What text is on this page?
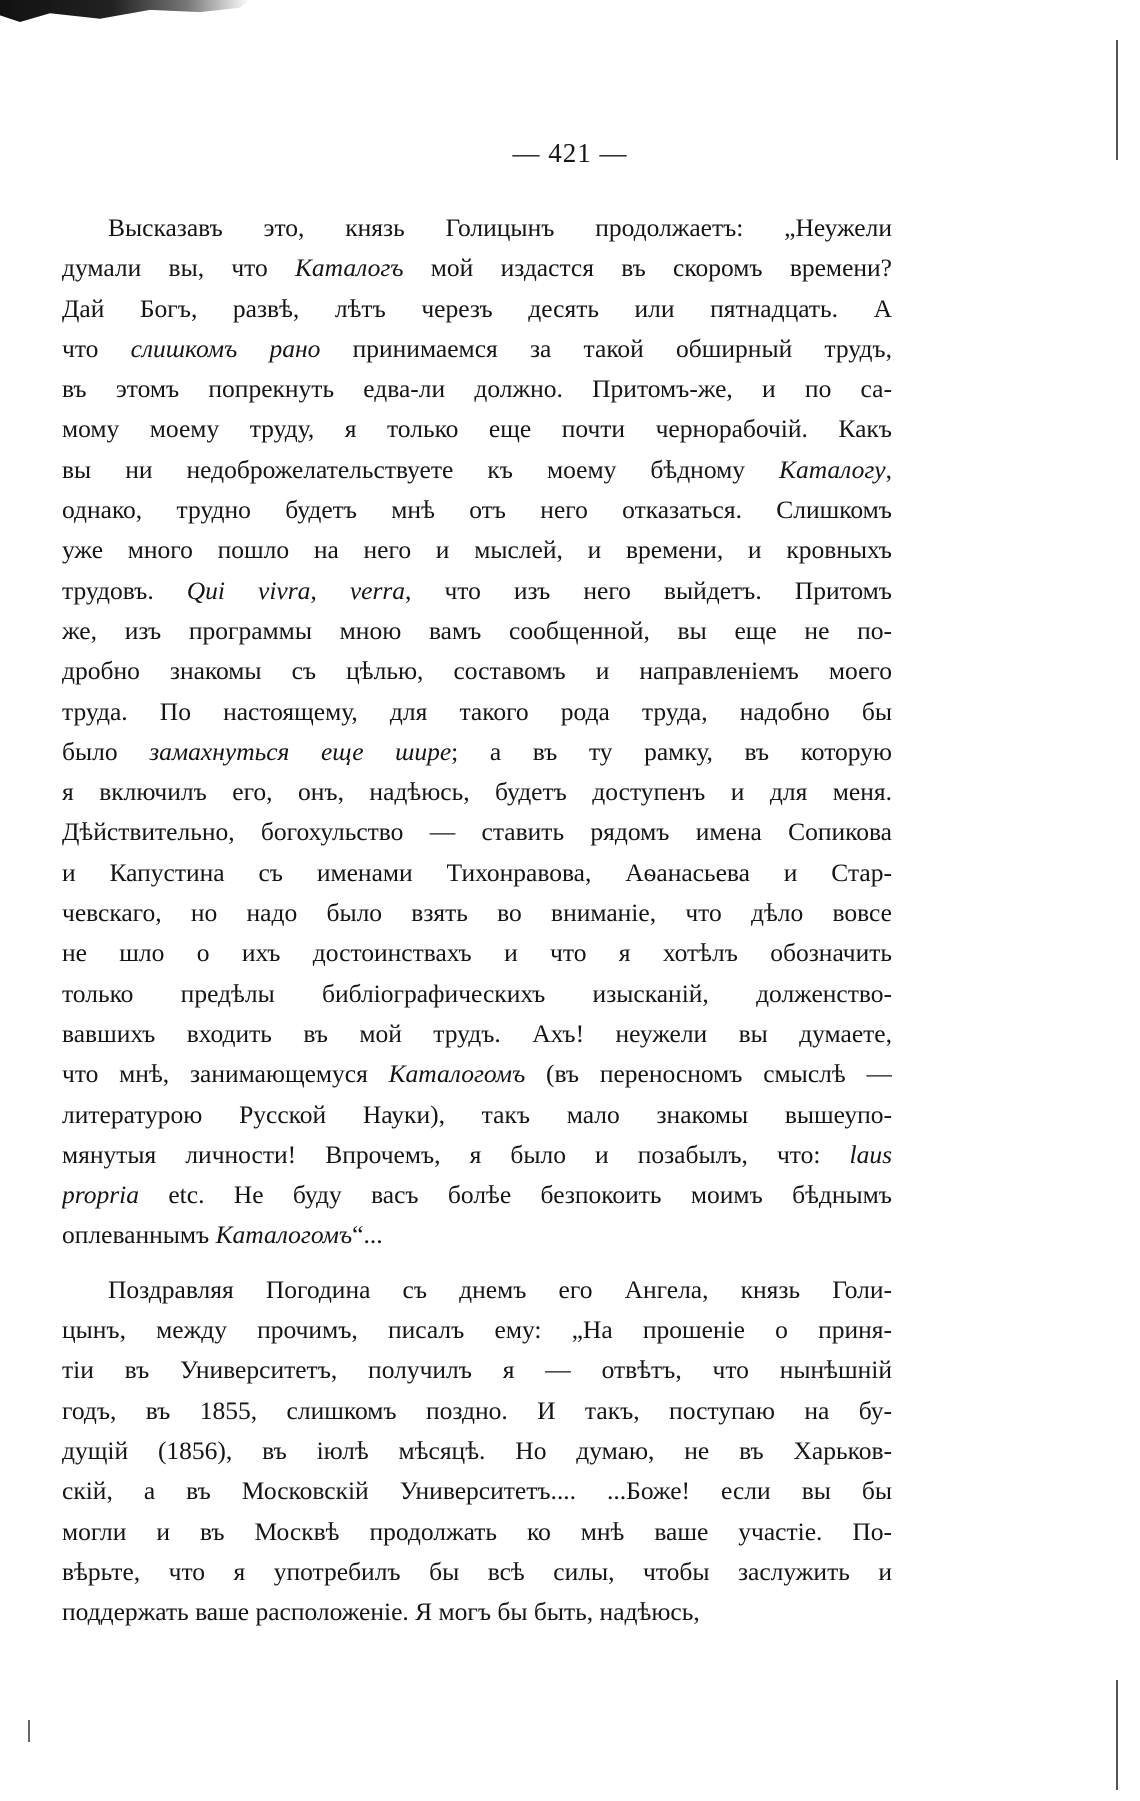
— 421 —
Высказавъ это, князь Голицынъ продолжаетъ: „Неужели
думали вы, что Каталогъ мой издастся въ скоромъ времени?
Дай Богъ, развѣ, лѣтъ черезъ десять или пятнадцать. А
что слишкомъ рано принимаемся за такой обширный трудъ,
въ этомъ попрекнуть едва-ли должно. Притомъ-же, и по са-
мому моему труду, я только еще почти чернорабочій. Какъ
вы ни недоброжелательствуете къ моему бѣдному Каталогу,
однако, трудно будетъ мнѣ отъ него отказаться. Слишкомъ
уже много пошло на него и мыслей, и времени, и кровныхъ
трудовъ. Qui vivra, verra, что изъ него выйдетъ. Притомъ
же, изъ программы мною вамъ сообщенной, вы еще не по-
дробно знакомы съ цѣлью, составомъ и направленіемъ моего
труда. По настоящему, для такого рода труда, надобно бы
было замахнуться еще шире; а въ ту рамку, въ которую
я включилъ его, онъ, надѣюсь, будетъ доступенъ и для меня.
Дѣйствительно, богохульство — ставить рядомъ имена Сопикова
и Капустина съ именами Тихонравова, Аѳанасьева и Стар-
чевскаго, но надо было взять во вниманіе, что дѣло вовсе
не шло о ихъ достоинствахъ и что я хотѣлъ обозначить
только предѣлы библіографическихъ изысканій, долженство-
вавшихъ входить въ мой трудъ. Ахъ! неужели вы думаете,
что мнѣ, занимающемуся Каталогомъ (въ переносномъ смыслѣ —
литературою Русской Науки), такъ мало знакомы вышеупо-
мянутыя личности! Впрочемъ, я было и позабылъ, что: laus
propria etc. Не буду васъ болѣе безпокоить моимъ бѣднымъ
оплеваннымъ Каталогомъ“...
Поздравляя Погодина съ днемъ его Ангела, князь Голи-
цынъ, между прочимъ, писалъ ему: „На прошеніе о приня-
тіи въ Университетъ, получилъ я — отвѣтъ, что нынѣшній
годъ, въ 1855, слишкомъ поздно. И такъ, поступаю на бу-
дущій (1856), въ іюлѣ мѣсяцѣ. Но думаю, не въ Харьков-
скій, а въ Московскій Университетъ.... ...Боже! если вы бы
могли и въ Москвѣ продолжать ко мнѣ ваше участіе. По-
вѣрьте, что я употребилъ бы всѣ силы, чтобы заслужить и
поддержать ваше расположеніе. Я могъ бы быть, надѣюсь,
